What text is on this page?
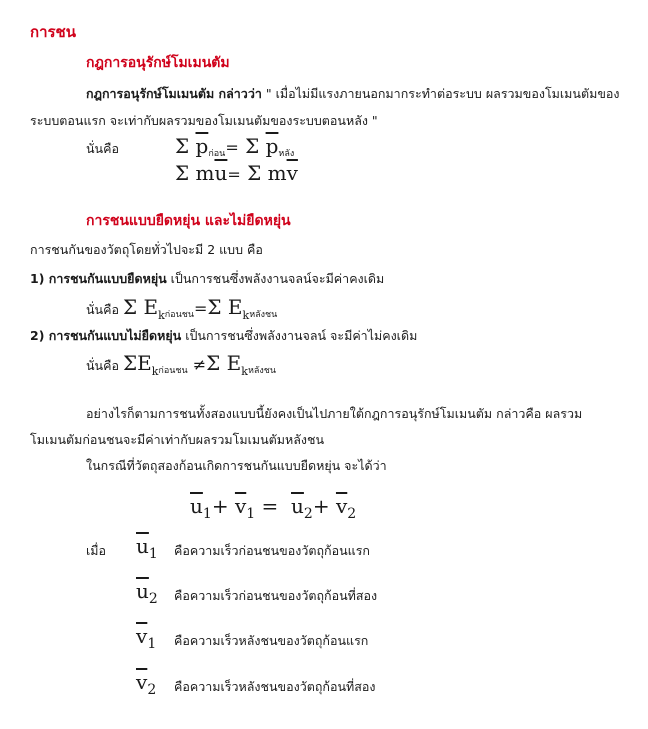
การชน
กฎการอนุรักษ์โมเมนตัม
กฎการอนุรักษ์โมเมนตัม กล่าวว่า " เมื่อไม่มีแรงภายนอกมากระทำต่อระบบ ผลรวมของโมเมนตัมของ
ระบบตอนแรก จะเท่ากับผลรวมของโมเมนตัมของระบบตอนหลัง "
นั่นคือ	Σ $\overline{p}_{ก่อน}= \Sigma$ $\overline{p}_{หลัง}$
Σ $m\overline{u}= \Sigma$ $m\overline{v}$
การชนแบบยืดหยุ่น และไม่ยืดหยุ่น
การชนกันของวัตถุโดยทั่วไปจะมี 2 แบบ คือ
1) การชนกันแบบยืดหยุ่น เป็นการชนซึ่งพลังงานจลน์จะมีค่าคงเดิม
นั่นคือ Σ $Ek_{ก่อนชน}=\Sigma$ $Ek_{หลังชน}$
2) การชนกันแบบไม่ยืดหยุ่น เป็นการชนซึ่งพลังงานจลน์ จะมีค่าไม่คงเดิม
นั่นคือ ΣEk$_{ก่อนชน}$ ≠Σ $Ek_{หลังชน}$
อย่างไรก็ตามการชนทั้งสองแบบนี้ยังคงเป็นไปภายใต้กฎการอนุรักษ์โมเมนตัม กล่าวคือ ผลรวม
โมเมนตัมก่อนชนจะมีค่าเท่ากับผลรวมโมเมนตัมหลังชน
ในกรณีที่วัตถุสองก้อนเกิดการชนกันแบบยืดหยุ่น จะได้ว่า
$\overline{u}_1+ \overline{v}_1 = \overline{u}_2+ \overline{v}_2$
เมื่อ $\overline{u}_1$ คือความเร็วก่อนชนของวัตถุก้อนแรก
$\overline{u}_2$ คือความเร็วก่อนชนของวัตถุก้อนที่สอง
$\overline{v}_1$ คือความเร็วหลังชนของวัตถุก้อนแรก
$\overline{v}_2$ คือความเร็วหลังชนของวัตถุก้อนที่สอง
